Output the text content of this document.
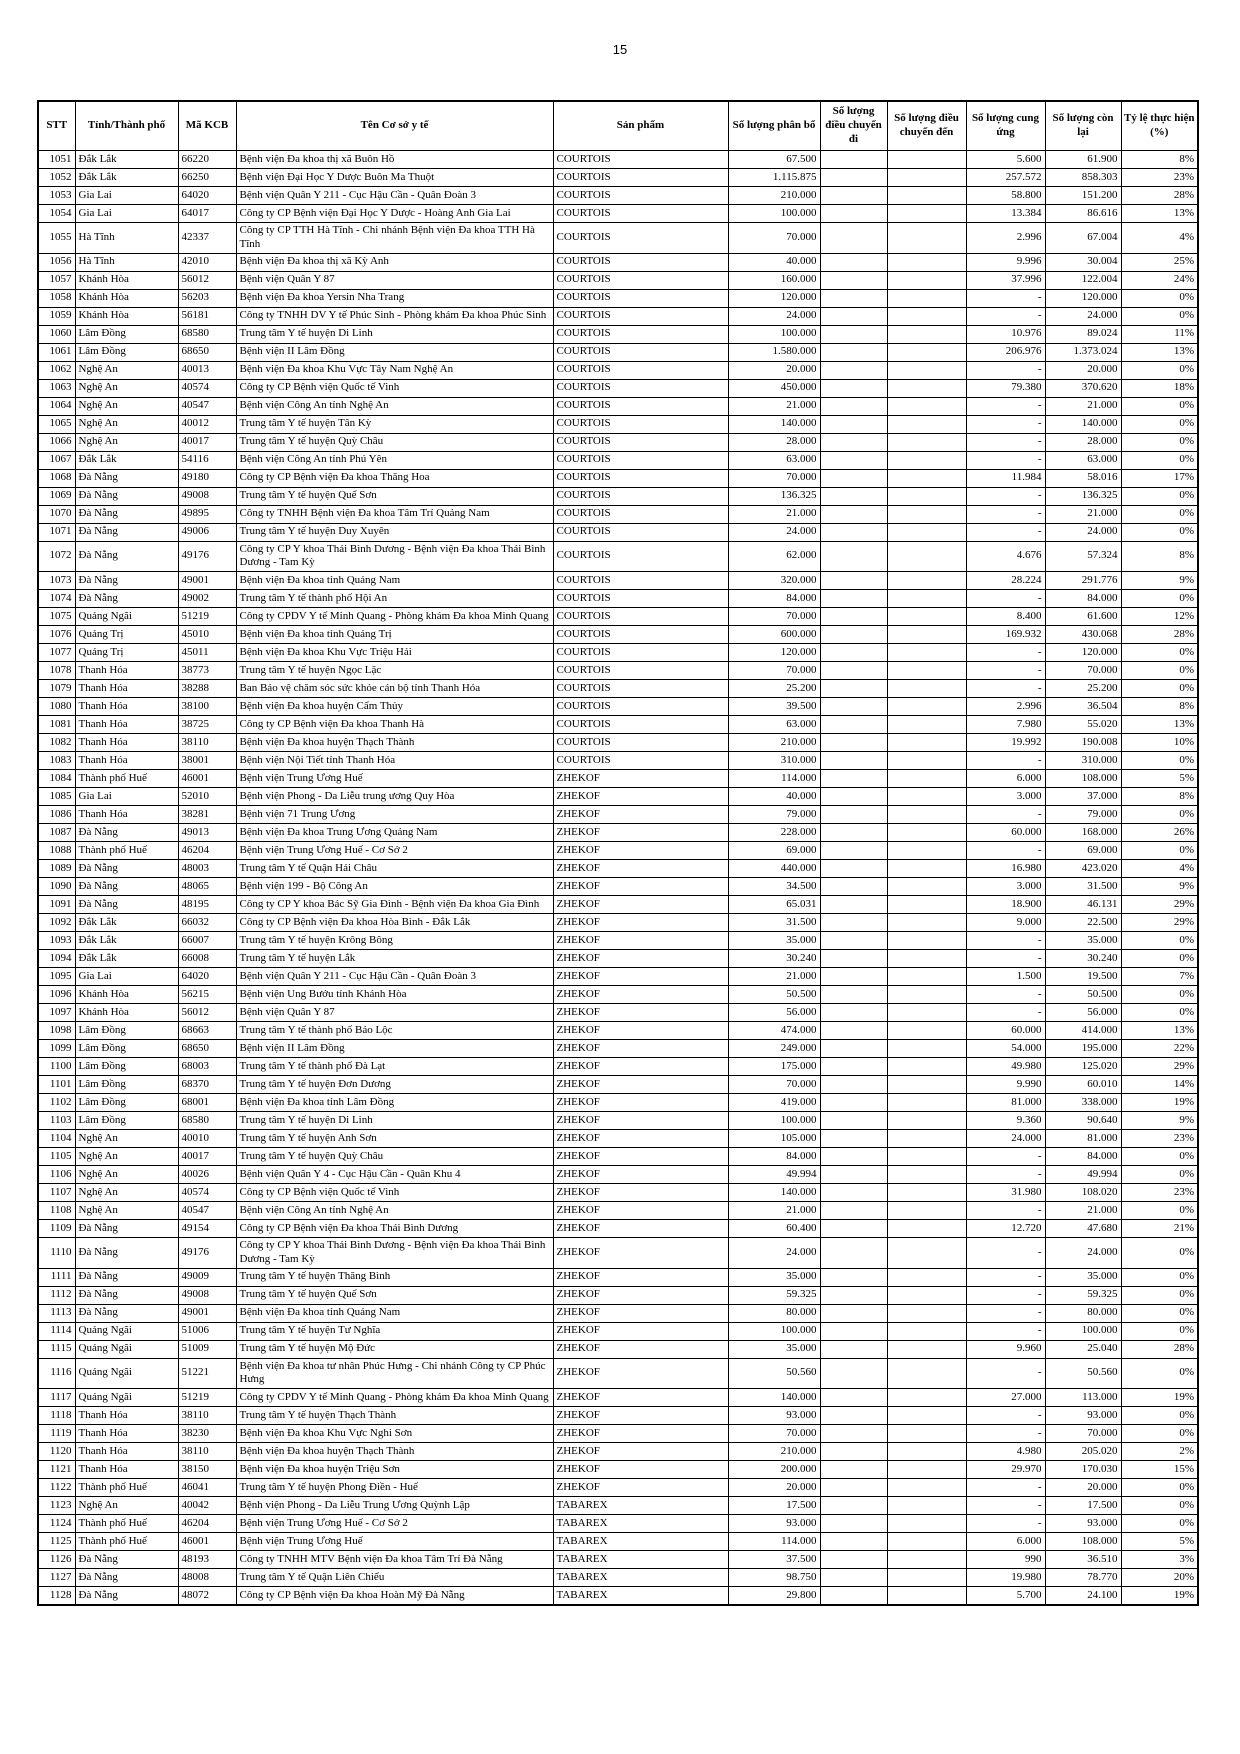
15
STT	Tỉnh/Thành phố	Mã KCB	Tên Cơ sở y tế	Sản phẩm	Số lượng phân bổ	Số lượng điều chuyển đi	Số lượng điều chuyển đến	Số lượng cung ứng	Số lượng còn lại	Tỷ lệ thực hiện (%)
1051	Đắk Lắk	66220	Bệnh viện Đa khoa thị xã Buôn Hồ	COURTOIS	67.500			5.600	61.900	8%
1052	Đắk Lắk	66250	Bệnh viện Đại Học Y Dược Buôn Ma Thuột	COURTOIS	1.115.875			257.572	858.303	23%
1053	Gia Lai	64020	Bệnh viện Quân Y 211 - Cục Hậu Cần - Quân Đoàn 3	COURTOIS	210.000			58.800	151.200	28%
1054	Gia Lai	64017	Công ty CP Bệnh viện Đại Học Y Dược - Hoàng Anh Gia Lai	COURTOIS	100.000			13.384	86.616	13%
1055	Hà Tĩnh	42337	Công ty CP TTH Hà Tĩnh - Chi nhánh Bệnh viện Đa khoa TTH Hà Tĩnh	COURTOIS	70.000			2.996	67.004	4%
1056	Hà Tĩnh	42010	Bệnh viện Đa khoa thị xã Kỳ Anh	COURTOIS	40.000			9.996	30.004	25%
1057	Khánh Hòa	56012	Bệnh viện Quân Y 87	COURTOIS	160.000			37.996	122.004	24%
1058	Khánh Hòa	56203	Bệnh viện Đa khoa Yersin Nha Trang	COURTOIS	120.000			-	120.000	0%
1059	Khánh Hòa	56181	Công ty TNHH DV Y tế Phúc Sinh - Phòng khám Đa khoa Phúc Sinh	COURTOIS	24.000			-	24.000	0%
1060	Lâm Đồng	68580	Trung tâm Y tế huyện Di Linh	COURTOIS	100.000			10.976	89.024	11%
1061	Lâm Đồng	68650	Bệnh viện II Lâm Đồng	COURTOIS	1.580.000			206.976	1.373.024	13%
1062	Nghệ An	40013	Bệnh viện Đa khoa Khu Vực Tây Nam Nghệ An	COURTOIS	20.000			-	20.000	0%
1063	Nghệ An	40574	Công ty CP Bệnh viện Quốc tế Vinh	COURTOIS	450.000			79.380	370.620	18%
1064	Nghệ An	40547	Bệnh viện Công An tỉnh Nghệ An	COURTOIS	21.000			-	21.000	0%
1065	Nghệ An	40012	Trung tâm Y tế huyện Tân Kỳ	COURTOIS	140.000			-	140.000	0%
1066	Nghệ An	40017	Trung tâm Y tế huyện Quỳ Châu	COURTOIS	28.000			-	28.000	0%
1067	Đắk Lắk	54116	Bệnh viện Công An tỉnh Phú Yên	COURTOIS	63.000			-	63.000	0%
1068	Đà Nẵng	49180	Công ty CP Bệnh viện Đa khoa Thăng Hoa	COURTOIS	70.000			11.984	58.016	17%
1069	Đà Nẵng	49008	Trung tâm Y tế huyện Quế Sơn	COURTOIS	136.325			-	136.325	0%
1070	Đà Nẵng	49895	Công ty TNHH Bệnh viện Đa khoa Tâm Trí Quảng Nam	COURTOIS	21.000			-	21.000	0%
1071	Đà Nẵng	49006	Trung tâm Y tế huyện Duy Xuyên	COURTOIS	24.000			-	24.000	0%
1072	Đà Nẵng	49176	Công ty CP Y khoa Thái Bình Dương - Bệnh viện Đa khoa Thái Bình Dương - Tam Kỳ	COURTOIS	62.000			4.676	57.324	8%
1073	Đà Nẵng	49001	Bệnh viện Đa khoa tỉnh Quảng Nam	COURTOIS	320.000			28.224	291.776	9%
1074	Đà Nẵng	49002	Trung tâm Y tế thành phố Hội An	COURTOIS	84.000			-	84.000	0%
1075	Quảng Ngãi	51219	Công ty CPDV Y tế Minh Quang - Phòng khám Đa khoa Minh Quang	COURTOIS	70.000			8.400	61.600	12%
1076	Quảng Trị	45010	Bệnh viện Đa khoa tỉnh Quảng Trị	COURTOIS	600.000			169.932	430.068	28%
1077	Quảng Trị	45011	Bệnh viện Đa khoa Khu Vực Triệu Hải	COURTOIS	120.000			-	120.000	0%
1078	Thanh Hóa	38773	Trung tâm Y tế huyện Ngọc Lặc	COURTOIS	70.000			-	70.000	0%
1079	Thanh Hóa	38288	Ban Bảo vệ chăm sóc sức khỏe cán bộ tỉnh Thanh Hóa	COURTOIS	25.200			-	25.200	0%
1080	Thanh Hóa	38100	Bệnh viện Đa khoa huyện Cẩm Thủy	COURTOIS	39.500			2.996	36.504	8%
1081	Thanh Hóa	38725	Công ty CP Bệnh viện Đa khoa Thanh Hà	COURTOIS	63.000			7.980	55.020	13%
1082	Thanh Hóa	38110	Bệnh viện Đa khoa huyện Thạch Thành	COURTOIS	210.000			19.992	190.008	10%
1083	Thanh Hóa	38001	Bệnh viện Nội Tiết tỉnh Thanh Hóa	COURTOIS	310.000			-	310.000	0%
1084	Thành phố Huế	46001	Bệnh viện Trung Ương Huế	ZHEKOF	114.000			6.000	108.000	5%
1085	Gia Lai	52010	Bệnh viện Phong - Da Liễu trung ương Quy Hòa	ZHEKOF	40.000			3.000	37.000	8%
1086	Thanh Hóa	38281	Bệnh viện 71 Trung Ương	ZHEKOF	79.000			-	79.000	0%
1087	Đà Nẵng	49013	Bệnh viện Đa khoa Trung Ương Quảng Nam	ZHEKOF	228.000			60.000	168.000	26%
1088	Thành phố Huế	46204	Bệnh viện Trung Ương Huế - Cơ Sở 2	ZHEKOF	69.000			-	69.000	0%
1089	Đà Nẵng	48003	Trung tâm Y tế Quận Hải Châu	ZHEKOF	440.000			16.980	423.020	4%
1090	Đà Nẵng	48065	Bệnh viện 199 - Bộ Công An	ZHEKOF	34.500			3.000	31.500	9%
1091	Đà Nẵng	48195	Công ty CP Y khoa Bác Sỹ Gia Đình - Bệnh viện Đa khoa Gia Đình	ZHEKOF	65.031			18.900	46.131	29%
1092	Đắk Lắk	66032	Công ty CP Bệnh viện Đa khoa Hòa Bình - Đắk Lắk	ZHEKOF	31.500			9.000	22.500	29%
1093	Đắk Lắk	66007	Trung tâm Y tế huyện Krông Bông	ZHEKOF	35.000			-	35.000	0%
1094	Đắk Lắk	66008	Trung tâm Y tế huyện Lắk	ZHEKOF	30.240			-	30.240	0%
1095	Gia Lai	64020	Bệnh viện Quân Y 211 - Cục Hậu Cần - Quân Đoàn 3	ZHEKOF	21.000			1.500	19.500	7%
1096	Khánh Hòa	56215	Bệnh viện Ung Bướu tỉnh Khánh Hòa	ZHEKOF	50.500			-	50.500	0%
1097	Khánh Hòa	56012	Bệnh viện Quân Y 87	ZHEKOF	56.000			-	56.000	0%
1098	Lâm Đồng	68663	Trung tâm Y tế thành phố Bảo Lộc	ZHEKOF	474.000			60.000	414.000	13%
1099	Lâm Đồng	68650	Bệnh viện II Lâm Đồng	ZHEKOF	249.000			54.000	195.000	22%
1100	Lâm Đồng	68003	Trung tâm Y tế thành phố Đà Lạt	ZHEKOF	175.000			49.980	125.020	29%
1101	Lâm Đồng	68370	Trung tâm Y tế huyện Đơn Dương	ZHEKOF	70.000			9.990	60.010	14%
1102	Lâm Đồng	68001	Bệnh viện Đa khoa tỉnh Lâm Đồng	ZHEKOF	419.000			81.000	338.000	19%
1103	Lâm Đồng	68580	Trung tâm Y tế huyện Di Linh	ZHEKOF	100.000			9.360	90.640	9%
1104	Nghệ An	40010	Trung tâm Y tế huyện Anh Sơn	ZHEKOF	105.000			24.000	81.000	23%
1105	Nghệ An	40017	Trung tâm Y tế huyện Quỳ Châu	ZHEKOF	84.000			-	84.000	0%
1106	Nghệ An	40026	Bệnh viện Quân Y 4 - Cục Hậu Cần - Quân Khu 4	ZHEKOF	49.994			-	49.994	0%
1107	Nghệ An	40574	Công ty CP Bệnh viện Quốc tế Vinh	ZHEKOF	140.000			31.980	108.020	23%
1108	Nghệ An	40547	Bệnh viện Công An tỉnh Nghệ An	ZHEKOF	21.000			-	21.000	0%
1109	Đà Nẵng	49154	Công ty CP Bệnh viện Đa khoa Thái Bình Dương	ZHEKOF	60.400			12.720	47.680	21%
1110	Đà Nẵng	49176	Công ty CP Y khoa Thái Bình Dương - Bệnh viện Đa khoa Thái Bình Dương - Tam Kỳ	ZHEKOF	24.000			-	24.000	0%
1111	Đà Nẵng	49009	Trung tâm Y tế huyện Thăng Bình	ZHEKOF	35.000			-	35.000	0%
1112	Đà Nẵng	49008	Trung tâm Y tế huyện Quế Sơn	ZHEKOF	59.325			-	59.325	0%
1113	Đà Nẵng	49001	Bệnh viện Đa khoa tỉnh Quảng Nam	ZHEKOF	80.000			-	80.000	0%
1114	Quảng Ngãi	51006	Trung tâm Y tế huyện Tư Nghĩa	ZHEKOF	100.000			-	100.000	0%
1115	Quảng Ngãi	51009	Trung tâm Y tế huyện Mộ Đức	ZHEKOF	35.000			9.960	25.040	28%
1116	Quảng Ngãi	51221	Bệnh viện Đa khoa tư nhân Phúc Hưng - Chi nhánh Công ty CP Phúc Hưng	ZHEKOF	50.560			-	50.560	0%
1117	Quảng Ngãi	51219	Công ty CPDV Y tế Minh Quang - Phòng khám Đa khoa Minh Quang	ZHEKOF	140.000			27.000	113.000	19%
1118	Thanh Hóa	38110	Trung tâm Y tế huyện Thạch Thành	ZHEKOF	93.000			-	93.000	0%
1119	Thanh Hóa	38230	Bệnh viện Đa khoa Khu Vực Nghi Sơn	ZHEKOF	70.000			-	70.000	0%
1120	Thanh Hóa	38110	Bệnh viện Đa khoa huyện Thạch Thành	ZHEKOF	210.000			4.980	205.020	2%
1121	Thanh Hóa	38150	Bệnh viện Đa khoa huyện Triệu Sơn	ZHEKOF	200.000			29.970	170.030	15%
1122	Thành phố Huế	46041	Trung tâm Y tế huyện Phong Điền - Huế	ZHEKOF	20.000			-	20.000	0%
1123	Nghệ An	40042	Bệnh viện Phong - Da Liễu Trung Ương Quỳnh Lập	TABAREX	17.500			-	17.500	0%
1124	Thành phố Huế	46204	Bệnh viện Trung Ương Huế - Cơ Sở 2	TABAREX	93.000			-	93.000	0%
1125	Thành phố Huế	46001	Bệnh viện Trung Ương Huế	TABAREX	114.000			6.000	108.000	5%
1126	Đà Nẵng	48193	Công ty TNHH MTV Bệnh viện Đa khoa Tâm Trí Đà Nẵng	TABAREX	37.500			990	36.510	3%
1127	Đà Nẵng	48008	Trung tâm Y tế Quận Liên Chiểu	TABAREX	98.750			19.980	78.770	20%
1128	Đà Nẵng	48072	Công ty CP Bệnh viện Đa khoa Hoàn Mỹ Đà Nẵng	TABAREX	29.800			5.700	24.100	19%
